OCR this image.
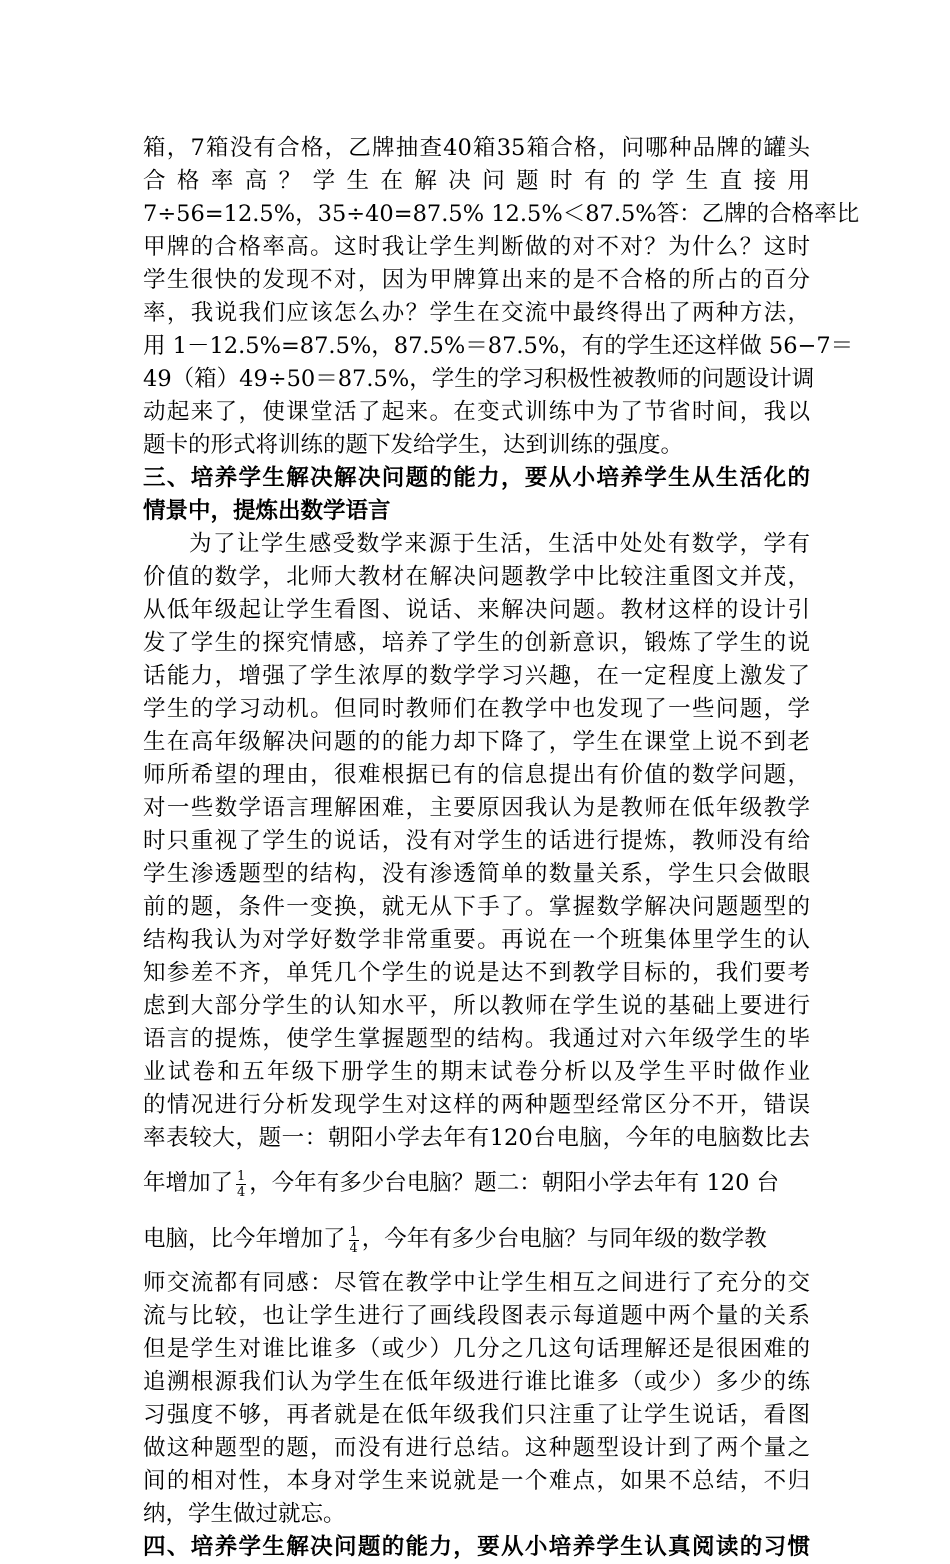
箱，7箱没有合格，乙牌抽查40箱35箱合格，问哪种品牌的罐头
合 格 率 高 ？ 学 生 在 解 决 问 题 时 有 的 学 生 直 接 用
7÷56=12.5%，35÷40=87.5% 12.5%＜87.5%答：乙牌的合格率比
甲牌的合格率高。这时我让学生判断做的对不对？为什么？这时
学生很快的发现不对，因为甲牌算出来的是不合格的所占的百分
率，我说我们应该怎么办？学生在交流中最终得出了两种方法，
用 1－12.5%=87.5%，87.5%＝87.5%，有的学生还这样做 56−7＝
49（箱）49÷50＝87.5%，学生的学习积极性被教师的问题设计调
动起来了，使课堂活了起来。在变式训练中为了节省时间，我以
题卡的形式将训练的题下发给学生，达到训练的强度。
三、培养学生解决解决问题的能力，要从小培养学生从生活化的
情景中，提炼出数学语言
为了让学生感受数学来源于生活，生活中处处有数学，学有
价值的数学，北师大教材在解决问题教学中比较注重图文并茂，
从低年级起让学生看图、说话、来解决问题。教材这样的设计引
发了学生的探究情感，培养了学生的创新意识，锻炼了学生的说
话能力，增强了学生浓厚的数学学习兴趣，在一定程度上激发了
学生的学习动机。但同时教师们在教学中也发现了一些问题，学
生在高年级解决问题的的能力却下降了，学生在课堂上说不到老
师所希望的理由，很难根据已有的信息提出有价值的数学问题，
对一些数学语言理解困难，主要原因我认为是教师在低年级教学
时只重视了学生的说话，没有对学生的话进行提炼，教师没有给
学生渗透题型的结构，没有渗透简单的数量关系，学生只会做眼
前的题，条件一变换，就无从下手了。掌握数学解决问题题型的
结构我认为对学好数学非常重要。再说在一个班集体里学生的认
知参差不齐，单凭几个学生的说是达不到教学目标的，我们要考
虑到大部分学生的认知水平，所以教师在学生说的基础上要进行
语言的提炼，使学生掌握题型的结构。我通过对六年级学生的毕
业试卷和五年级下册学生的期末试卷分析以及学生平时做作业
的情况进行分析发现学生对这样的两种题型经常区分不开，错误
率表较大，题一：朝阳小学去年有120台电脑，今年的电脑数比去
年增加了 $\frac{1}{4}$ ，今年有多少台电脑？题二：朝阳小学去年有 120 台
电脑，比今年增加了 $\frac{1}{4}$ ，今年有多少台电脑？与同年级的数学教
师交流都有同感：尽管在教学中让学生相互之间进行了充分的交
流与比较，也让学生进行了画线段图表示每道题中两个量的关系
但是学生对谁比谁多（或少）几分之几这句话理解还是很困难的
追溯根源我们认为学生在低年级进行谁比谁多（或少）多少的练
习强度不够，再者就是在低年级我们只注重了让学生说话，看图
做这种题型的题，而没有进行总结。这种题型设计到了两个量之
间的相对性，本身对学生来说就是一个难点，如果不总结，不归
纳，学生做过就忘。
四、培养学生解决问题的能力，要从小培养学生认真阅读的习惯
